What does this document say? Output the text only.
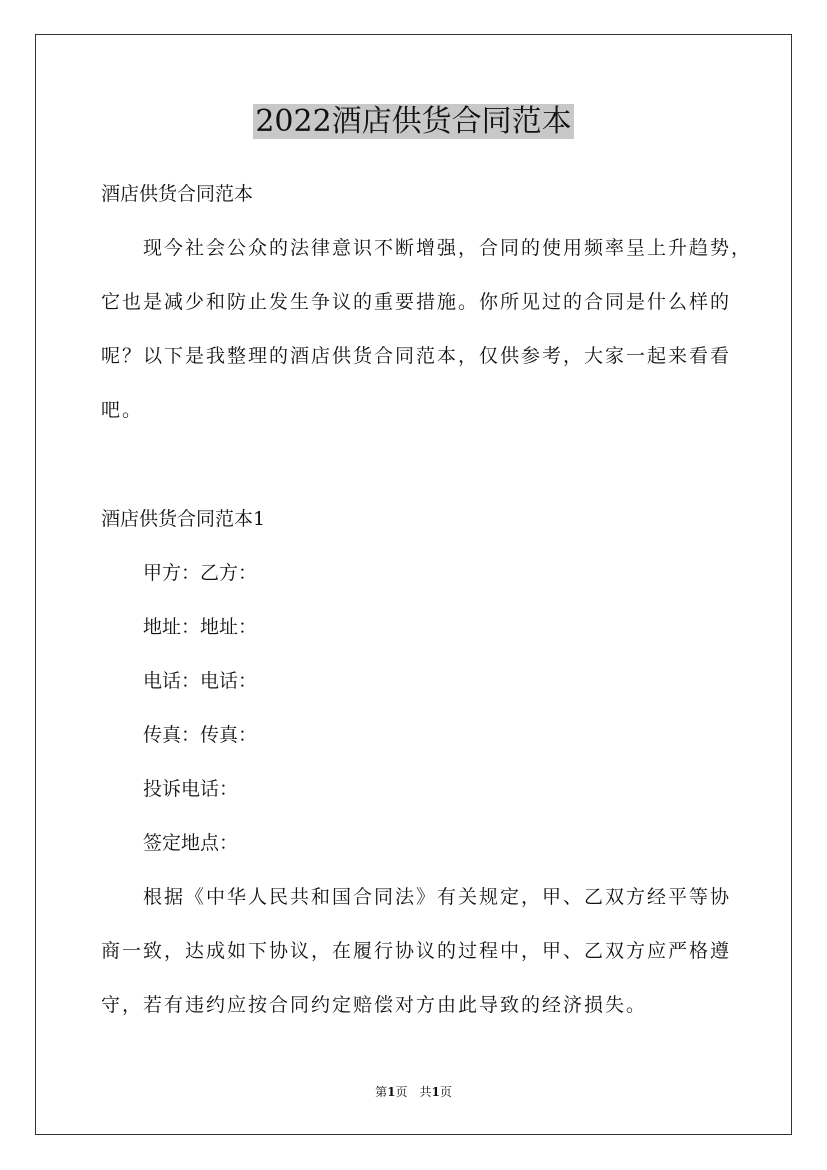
2022酒店供货合同范本
酒店供货合同范本
　　现今社会公众的法律意识不断增强，合同的使用频率呈上升趋势，
它也是减少和防止发生争议的重要措施。你所见过的合同是什么样的
呢？以下是我整理的酒店供货合同范本，仅供参考，大家一起来看看
吧。
酒店供货合同范本1
甲方：乙方：
地址：地址：
电话：电话：
传真：传真：
投诉电话：
签定地点：
　　根据《中华人民共和国合同法》有关规定，甲、乙双方经平等协
商一致，达成如下协议，在履行协议的过程中，甲、乙双方应严格遵
守，若有违约应按合同约定赔偿对方由此导致的经济损失。
第1页　共1页
